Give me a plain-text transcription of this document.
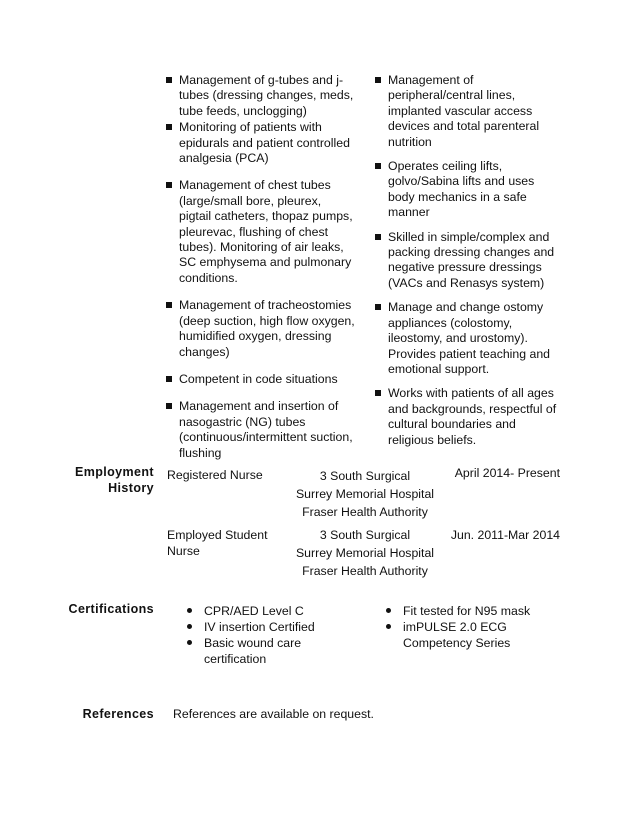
Management of g-tubes and j-tubes (dressing changes, meds, tube feeds, unclogging)
Monitoring of patients with epidurals and patient controlled analgesia (PCA)
Management of chest tubes (large/small bore, pleurex, pigtail catheters, thopaz pumps, pleurevac, flushing of chest tubes). Monitoring of air leaks, SC emphysema and pulmonary conditions.
Management of tracheostomies (deep suction, high flow oxygen, humidified oxygen, dressing changes)
Competent in code situations
Management and insertion of nasogastric (NG) tubes (continuous/intermittent suction, flushing
Management of peripheral/central lines, implanted vascular access devices and total parenteral nutrition
Operates ceiling lifts, golvo/Sabina lifts and uses body mechanics in a safe manner
Skilled in simple/complex and packing dressing changes and negative pressure dressings (VACs and Renasys system)
Manage and change ostomy appliances (colostomy, ileostomy, and urostomy). Provides patient teaching and emotional support.
Works with patients of all ages and backgrounds, respectful of cultural boundaries and religious beliefs.
Employment
History
Registered Nurse	3 South Surgical
Surrey Memorial Hospital
Fraser Health Authority
April 2014- Present
Employed Student Nurse
3 South Surgical
Surrey Memorial Hospital
Fraser Health Authority
Jun. 2011-Mar 2014
Certifications	CPR/AED Level C
IV insertion Certified
Basic wound care certification
Fit tested for N95 mask
imPULSE 2.0 ECG Competency Series
References References are available on request.
